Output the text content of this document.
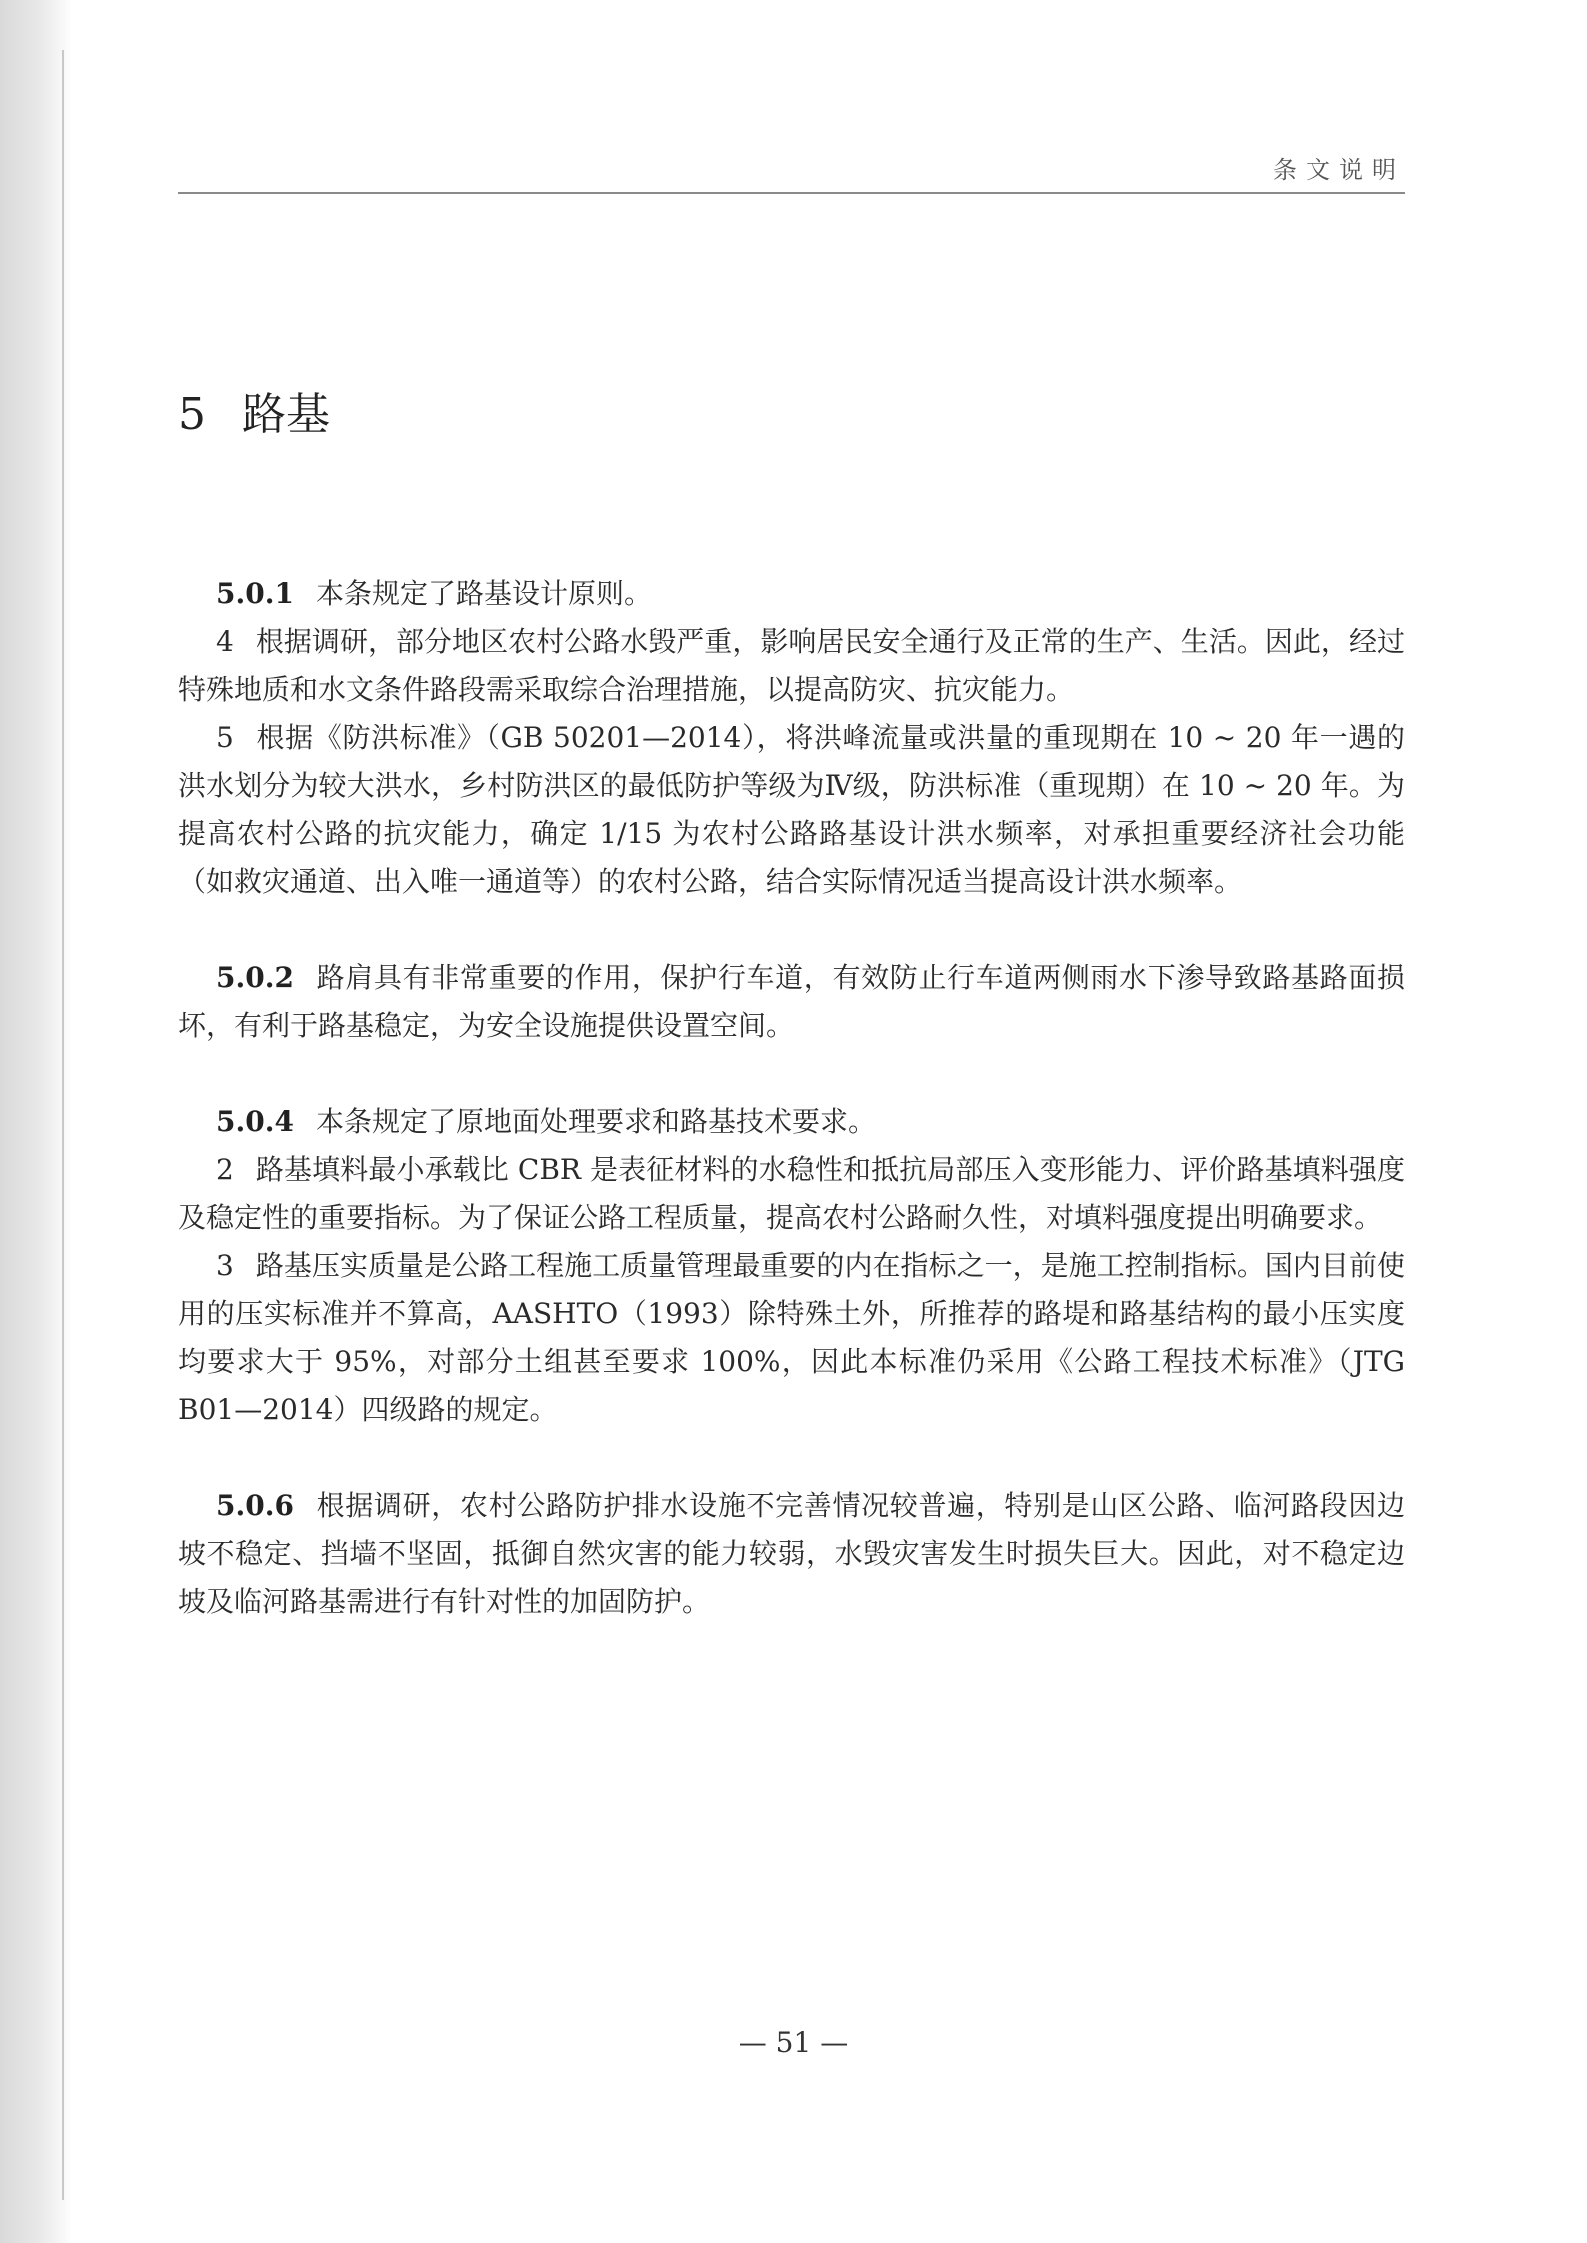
条文说明
5 路基

5.0.1 本条规定了路基设计原则。

4 根据调研，部分地区农村公路水毁严重，影响居民安全通行及正常的生产、生活。因此，经过特殊地质和水文条件路段需采取综合治理措施，以提高防灾、抗灾能力。

5 根据《防洪标准》（GB 50201—2014），将洪峰流量或洪量的重现期在 10 ~ 20 年一遇的洪水划分为较大洪水，乡村防洪区的最低防护等级为Ⅳ级，防洪标准（重现期）在 10 ~ 20 年。为提高农村公路的抗灾能力，确定 1/15 为农村公路路基设计洪水频率，对承担重要经济社会功能（如救灾通道、出入唯一通道等）的农村公路，结合实际情况适当提高设计洪水频率。

5.0.2 路肩具有非常重要的作用，保护行车道，有效防止行车道两侧雨水下渗导致路基路面损坏，有利于路基稳定，为安全设施提供设置空间。

5.0.4 本条规定了原地面处理要求和路基技术要求。

2 路基填料最小承载比 CBR 是表征材料的水稳性和抵抗局部压入变形能力、评价路基填料强度及稳定性的重要指标。为了保证公路工程质量，提高农村公路耐久性，对填料强度提出明确要求。

3 路基压实质量是公路工程施工质量管理最重要的内在指标之一，是施工控制指标。国内目前使用的压实标准并不算高，AASHTO（1993）除特殊土外，所推荐的路堤和路基结构的最小压实度均要求大于 95%，对部分土组甚至要求 100%，因此本标准仍采用《公路工程技术标准》（JTG B01—2014）四级路的规定。

5.0.6 根据调研，农村公路防护排水设施不完善情况较普遍，特别是山区公路、临河路段因边坡不稳定、挡墙不坚固，抵御自然灾害的能力较弱，水毁灾害发生时损失巨大。因此，对不稳定边坡及临河路基需进行有针对性的加固防护。

— 51 —
